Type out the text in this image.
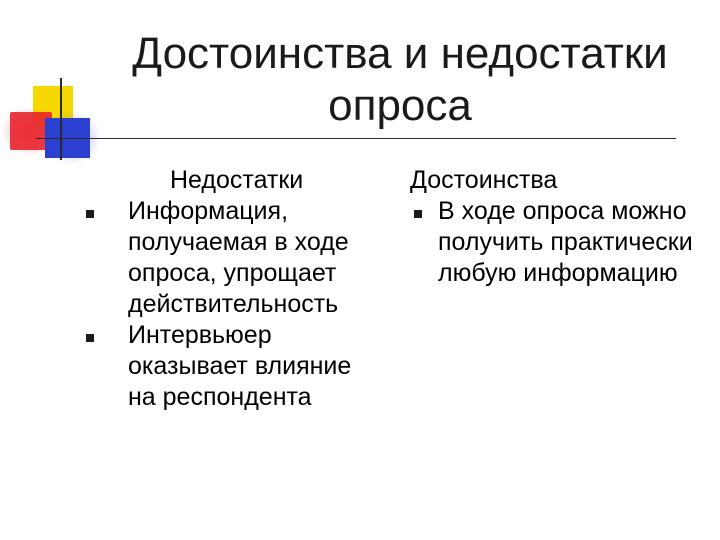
Достоинства и недостатки опроса

Недостатки

Информация, получаемая в ходе опроса, упрощает действительность
Интервьюер оказывает влияние на респондента

Достоинства

В ходе опроса можно получить практически любую информацию
